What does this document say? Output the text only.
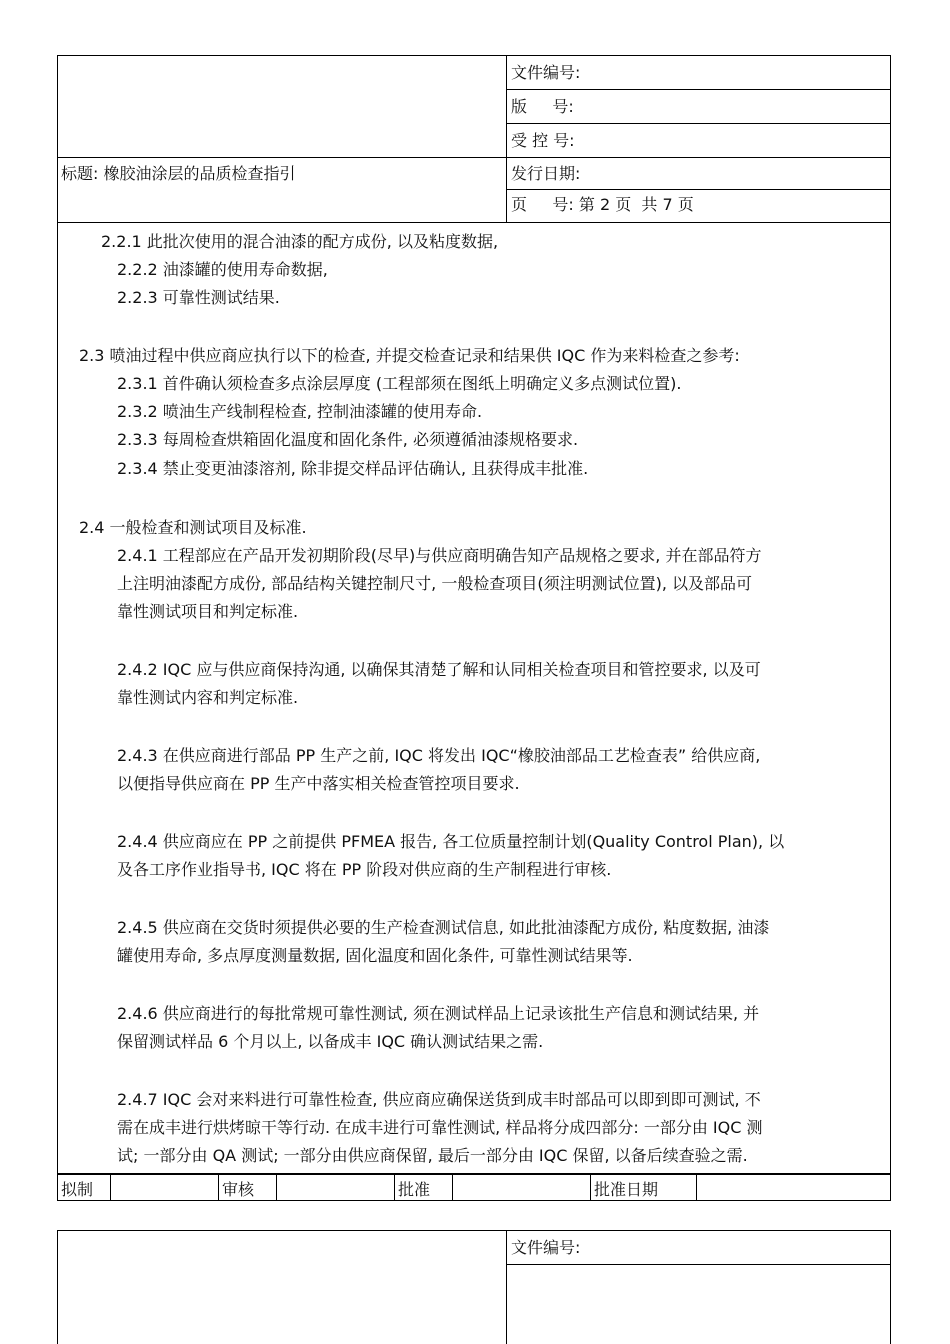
文件编号:
版     号:
受 控 号:
标题: 橡胶油涂层的品质检查指引	发行日期:
页     号: 第 2 页  共 7 页
2.2.1 此批次使用的混合油漆的配方成份, 以及粘度数据,
2.2.2 油漆罐的使用寿命数据,
2.2.3 可靠性测试结果.
2.3 喷油过程中供应商应执行以下的检查, 并提交检查记录和结果供 IQC 作为来料检查之参考:
2.3.1 首件确认须检查多点涂层厚度 (工程部须在图纸上明确定义多点测试位置).
2.3.2 喷油生产线制程检查, 控制油漆罐的使用寿命.
2.3.3 每周检查烘箱固化温度和固化条件, 必须遵循油漆规格要求.
2.3.4 禁止变更油漆溶剂, 除非提交样品评估确认, 且获得成丰批准.
2.4 一般检查和测试项目及标准.
2.4.1 工程部应在产品开发初期阶段(尽早)与供应商明确告知产品规格之要求, 并在部品符方
上注明油漆配方成份, 部品结构关键控制尺寸, 一般检查项目(须注明测试位置), 以及部品可
靠性测试项目和判定标准.
2.4.2 IQC 应与供应商保持沟通, 以确保其清楚了解和认同相关检查项目和管控要求, 以及可
靠性测试内容和判定标准.
2.4.3 在供应商进行部品 PP 生产之前, IQC 将发出 IQC“橡胶油部品工艺检查表” 给供应商,
以便指导供应商在 PP 生产中落实相关检查管控项目要求.
2.4.4 供应商应在 PP 之前提供 PFMEA 报告, 各工位质量控制计划(Quality Control Plan), 以
及各工序作业指导书, IQC 将在 PP 阶段对供应商的生产制程进行审核.
2.4.5 供应商在交货时须提供必要的生产检查测试信息, 如此批油漆配方成份, 粘度数据, 油漆
罐使用寿命, 多点厚度测量数据, 固化温度和固化条件, 可靠性测试结果等.
2.4.6 供应商进行的每批常规可靠性测试, 须在测试样品上记录该批生产信息和测试结果, 并
保留测试样品 6 个月以上, 以备成丰 IQC 确认测试结果之需.
2.4.7 IQC 会对来料进行可靠性检查, 供应商应确保送货到成丰时部品可以即到即可测试, 不
需在成丰进行烘烤晾干等行动. 在成丰进行可靠性测试, 样品将分成四部分: 一部分由 IQC 测
试; 一部分由 QA 测试; 一部分由供应商保留, 最后一部分由 IQC 保留, 以备后续查验之需.
拟制	审核	批准	批准日期
文件编号:
